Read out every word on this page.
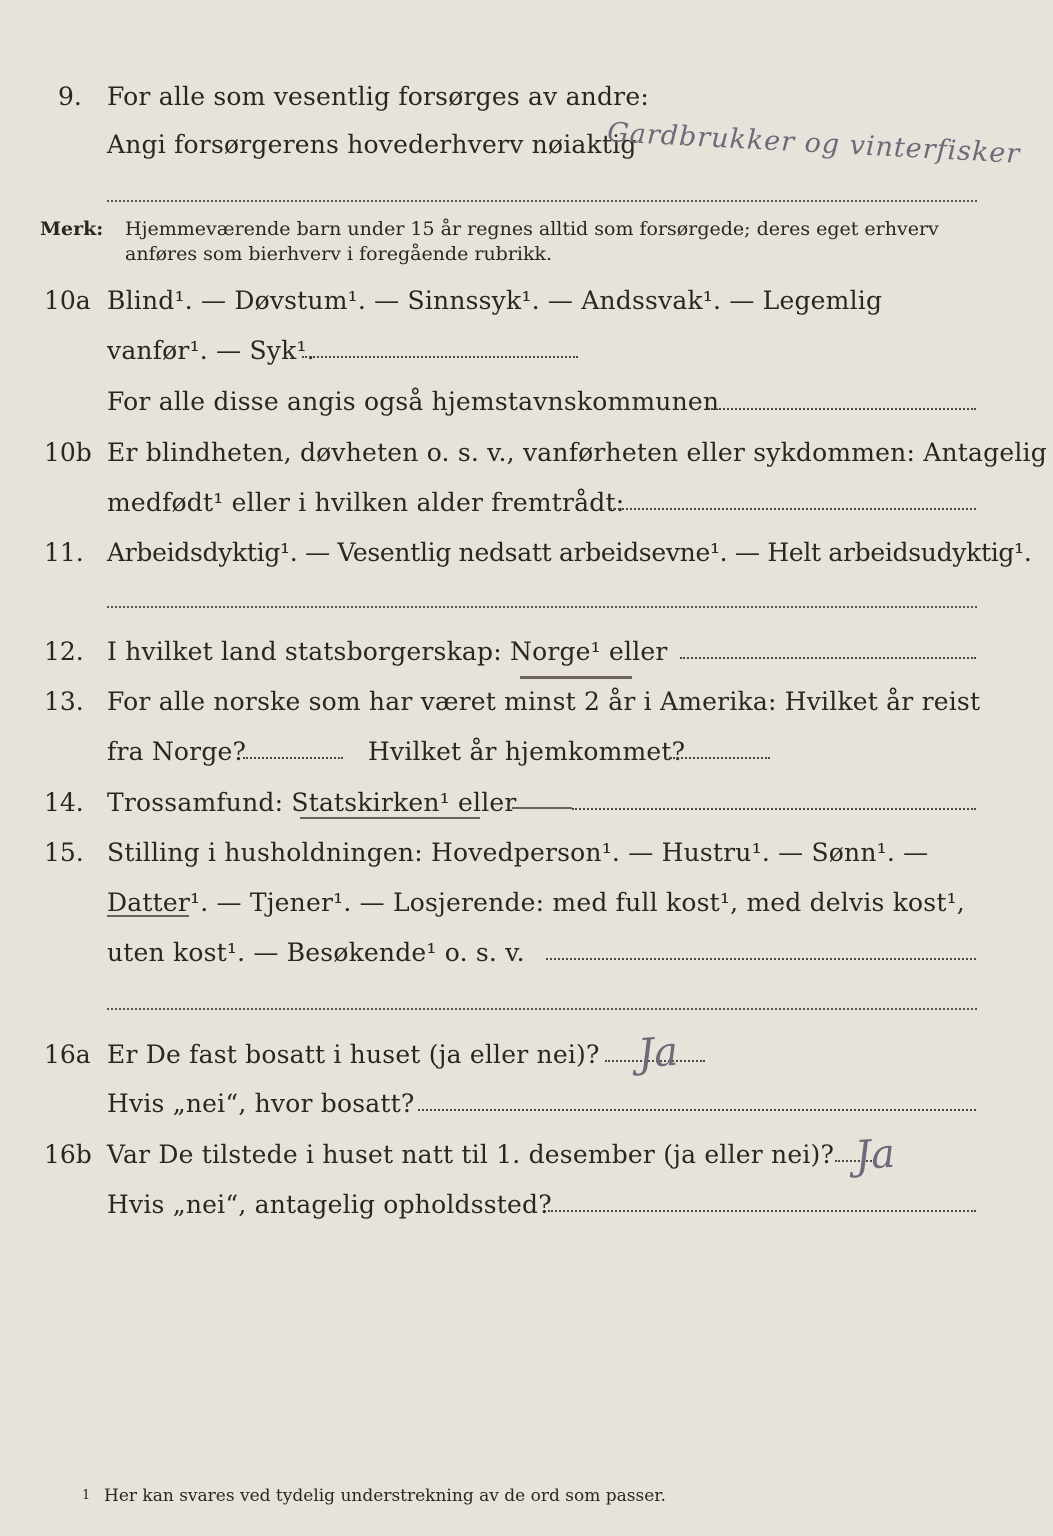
9. For alle som vesentlig forsørges av andre:
Angi forsørgerens hovederhverv nøiaktig
Gardbrukker og vinterfisker
Merk: Hjemmeværende barn under 15 år regnes alltid som forsørgede; deres eget erhverv
anføres som bierhverv i foregående rubrikk.
10a Blind¹. — Døvstum¹. — Sinnssyk¹. — Andssvak¹. — Legemlig
vanfør¹. — Syk¹.
For alle disse angis også hjemstavnskommunen
10b Er blindheten, døvheten o. s. v., vanførheten eller sykdommen: Antagelig
medfødt¹ eller i hvilken alder fremtrådt:
11. Arbeidsdyktig¹. — Vesentlig nedsatt arbeidsevne¹. — Helt arbeidsudyktig¹.
12. I hvilket land statsborgerskap: Norge¹ eller
13. For alle norske som har været minst 2 år i Amerika: Hvilket år reist
fra Norge?	Hvilket år hjemkommet?
14. Trossamfund: Statskirken¹ eller
15. Stilling i husholdningen: Hovedperson¹. — Hustru¹. — Sønn¹. —
Datter¹. — Tjener¹. — Losjerende: med full kost¹, med delvis kost¹,
uten kost¹. — Besøkende¹ o. s. v.
16a Er De fast bosatt i huset (ja eller nei)? Ja
Hvis „nei“, hvor bosatt?
16b Var De tilstede i huset natt til 1. desember (ja eller nei)? Ja
Hvis „nei“, antagelig opholdssted?
1 Her kan svares ved tydelig understrekning av de ord som passer.
